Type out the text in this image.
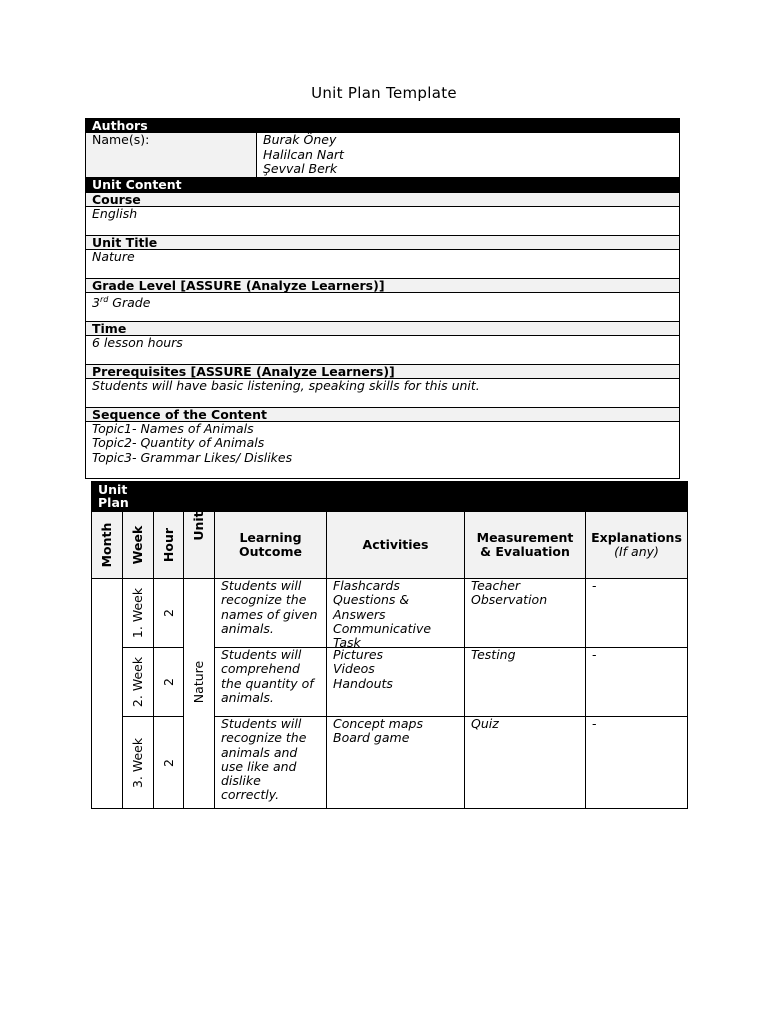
Unit Plan Template
Authors
Name(s):	Burak Öney
Halilcan Nart
Şevval Berk

Unit Content
Course
English
Unit Title
Nature
Grade Level [ASSURE (Analyze Learners)]
3rd Grade
Time
6 lesson hours
Prerequisites [ASSURE (Analyze Learners)]
Students will have basic listening, speaking skills for this unit.
Sequence of the Content

Topic1- Names of Animals
Topic2- Quantity of Animals
Topic3- Grammar Likes/ Dislikes
Unit Plan							

Month	Week	Hour	Unit	Learning Outcome	Activities	Measurement & Evaluation	Explanations
(If any)

	1. Week	2	Nature	Students will recognize the names of given animals.	Flashcards
Questions & Answers
Communicative Task	Teacher Observation	-

	2. Week	2		Students will comprehend the quantity of animals.	Pictures
Videos
Handouts	Testing	-

	3. Week	2		Students will recognize the animals and use like and dislike correctly.	Concept maps
Board game	Quiz	-
